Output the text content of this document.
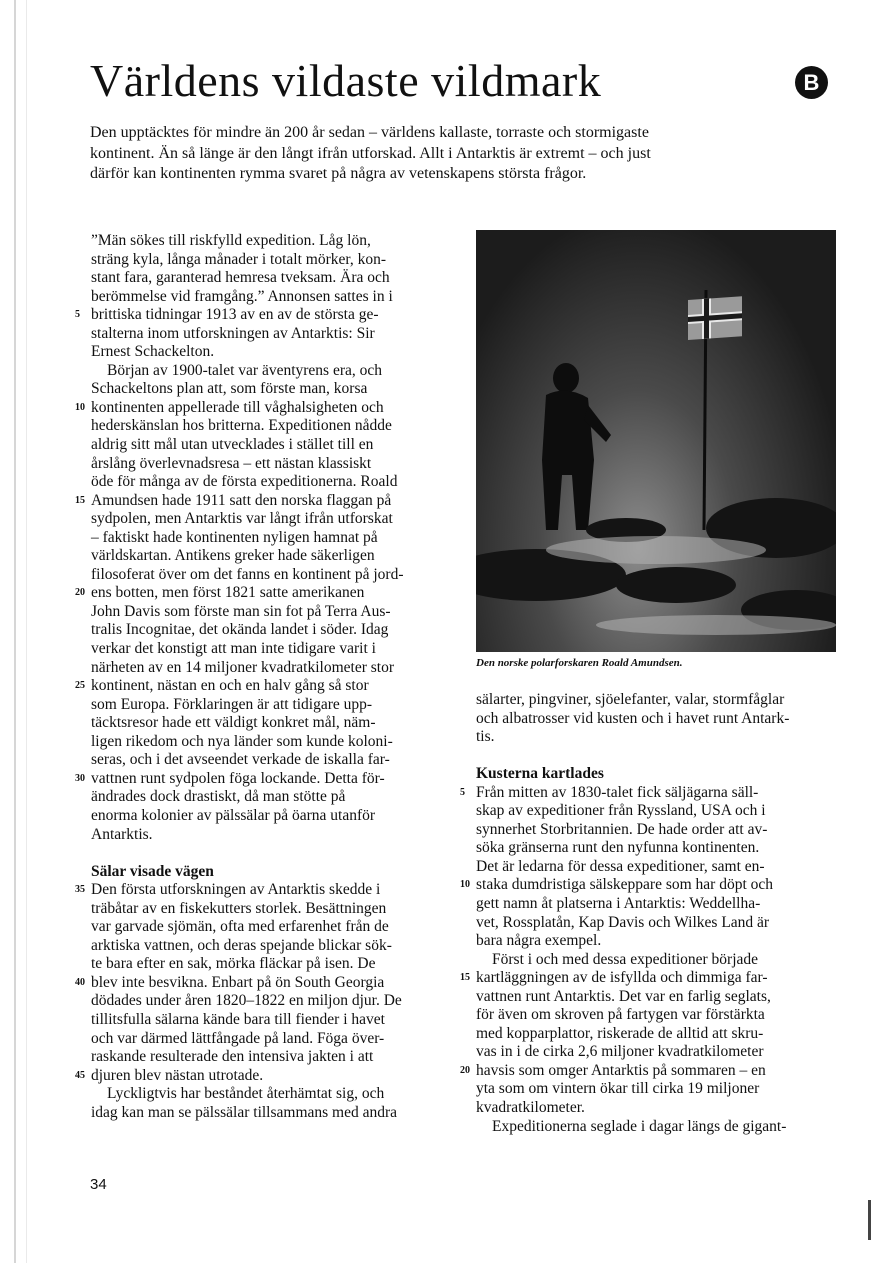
Världens vildaste vildmark	B

Den upptäcktes för mindre än 200 år sedan – världens kallaste, torraste och stormigaste kontinent. Än så länge är den långt ifrån utforskad. Allt i Antarktis är extremt – och just därför kan kontinenten rymma svaret på några av vetenskapens största frågor.

”Män sökes till riskfylld expedition. Låg lön,
sträng kyla, långa månader i totalt mörker, kon-
stant fara, garanterad hemresa tveksam. Ära och
berömmelse vid framgång.” Annonsen sattes in i
brittiska tidningar 1913 av en av de största ge-
5
stalterna inom utforskningen av Antarktis: Sir
Ernest Schackelton.
Början av 1900-talet var äventyrens era, och
Schackeltons plan att, som förste man, korsa
kontinenten appellerade till våghalsigheten och
10
hederskänslan hos britterna. Expeditionen nådde
aldrig sitt mål utan utvecklades i stället till en
årslång överlevnadsresa – ett nästan klassiskt
öde för många av de första expeditionerna. Roald
Amundsen hade 1911 satt den norska flaggan på
15
sydpolen, men Antarktis var långt ifrån utforskat
– faktiskt hade kontinenten nyligen hamnat på
världskartan. Antikens greker hade säkerligen
filosoferat över om det fanns en kontinent på jord-
ens botten, men först 1821 satte amerikanen
20
John Davis som förste man sin fot på Terra Aus-
tralis Incognitae, det okända landet i söder. Idag
verkar det konstigt att man inte tidigare varit i
närheten av en 14 miljoner kvadratkilometer stor
kontinent, nästan en och en halv gång så stor
25
som Europa. Förklaringen är att tidigare upp-
täcktsresor hade ett väldigt konkret mål, näm-
ligen rikedom och nya länder som kunde koloni-
seras, och i det avseendet verkade de iskalla far-
vattnen runt sydpolen föga lockande. Detta för-
30
ändrades dock drastiskt, då man stötte på
enorma kolonier av pälssälar på öarna utanför
Antarktis.
Sälar visade vägen
Den första utforskningen av Antarktis skedde i
35
träbåtar av en fiskekutters storlek. Besättningen
var garvade sjömän, ofta med erfarenhet från de
arktiska vattnen, och deras spejande blickar sök-
te bara efter en sak, mörka fläckar på isen. De
blev inte besvikna. Enbart på ön South Georgia
40
dödades under åren 1820–1822 en miljon djur. De
tillitsfulla sälarna kände bara till fiender i havet
och var därmed lättfångade på land. Föga över-
raskande resulterade den intensiva jakten i att
djuren blev nästan utrotade.
45
Lyckligtvis har beståndet återhämtat sig, och
idag kan man se pälssälar tillsammans med andra
Den norske polarforskaren Roald Amundsen.
sälarter, pingviner, sjöelefanter, valar, stormfåglar
och albatrosser vid kusten och i havet runt Antark-
tis.
Kusterna kartlades
Från mitten av 1830-talet fick säljägarna säll-
5
skap av expeditioner från Ryssland, USA och i
synnerhet Storbritannien. De hade order att av-
söka gränserna runt den nyfunna kontinenten.
Det är ledarna för dessa expeditioner, samt en-
staka dumdristiga sälskeppare som har döpt och
10
gett namn åt platserna i Antarktis: Weddellha-
vet, Rossplatån, Kap Davis och Wilkes Land är
bara några exempel.
Först i och med dessa expeditioner började
kartläggningen av de isfyllda och dimmiga far-
15
vattnen runt Antarktis. Det var en farlig seglats,
för även om skroven på fartygen var förstärkta
med kopparplattor, riskerade de alltid att skru-
vas in i de cirka 2,6 miljoner kvadratkilometer
havsis som omger Antarktis på sommaren – en
20
yta som om vintern ökar till cirka 19 miljoner
kvadratkilometer.
Expeditionerna seglade i dagar längs de gigant-
34
